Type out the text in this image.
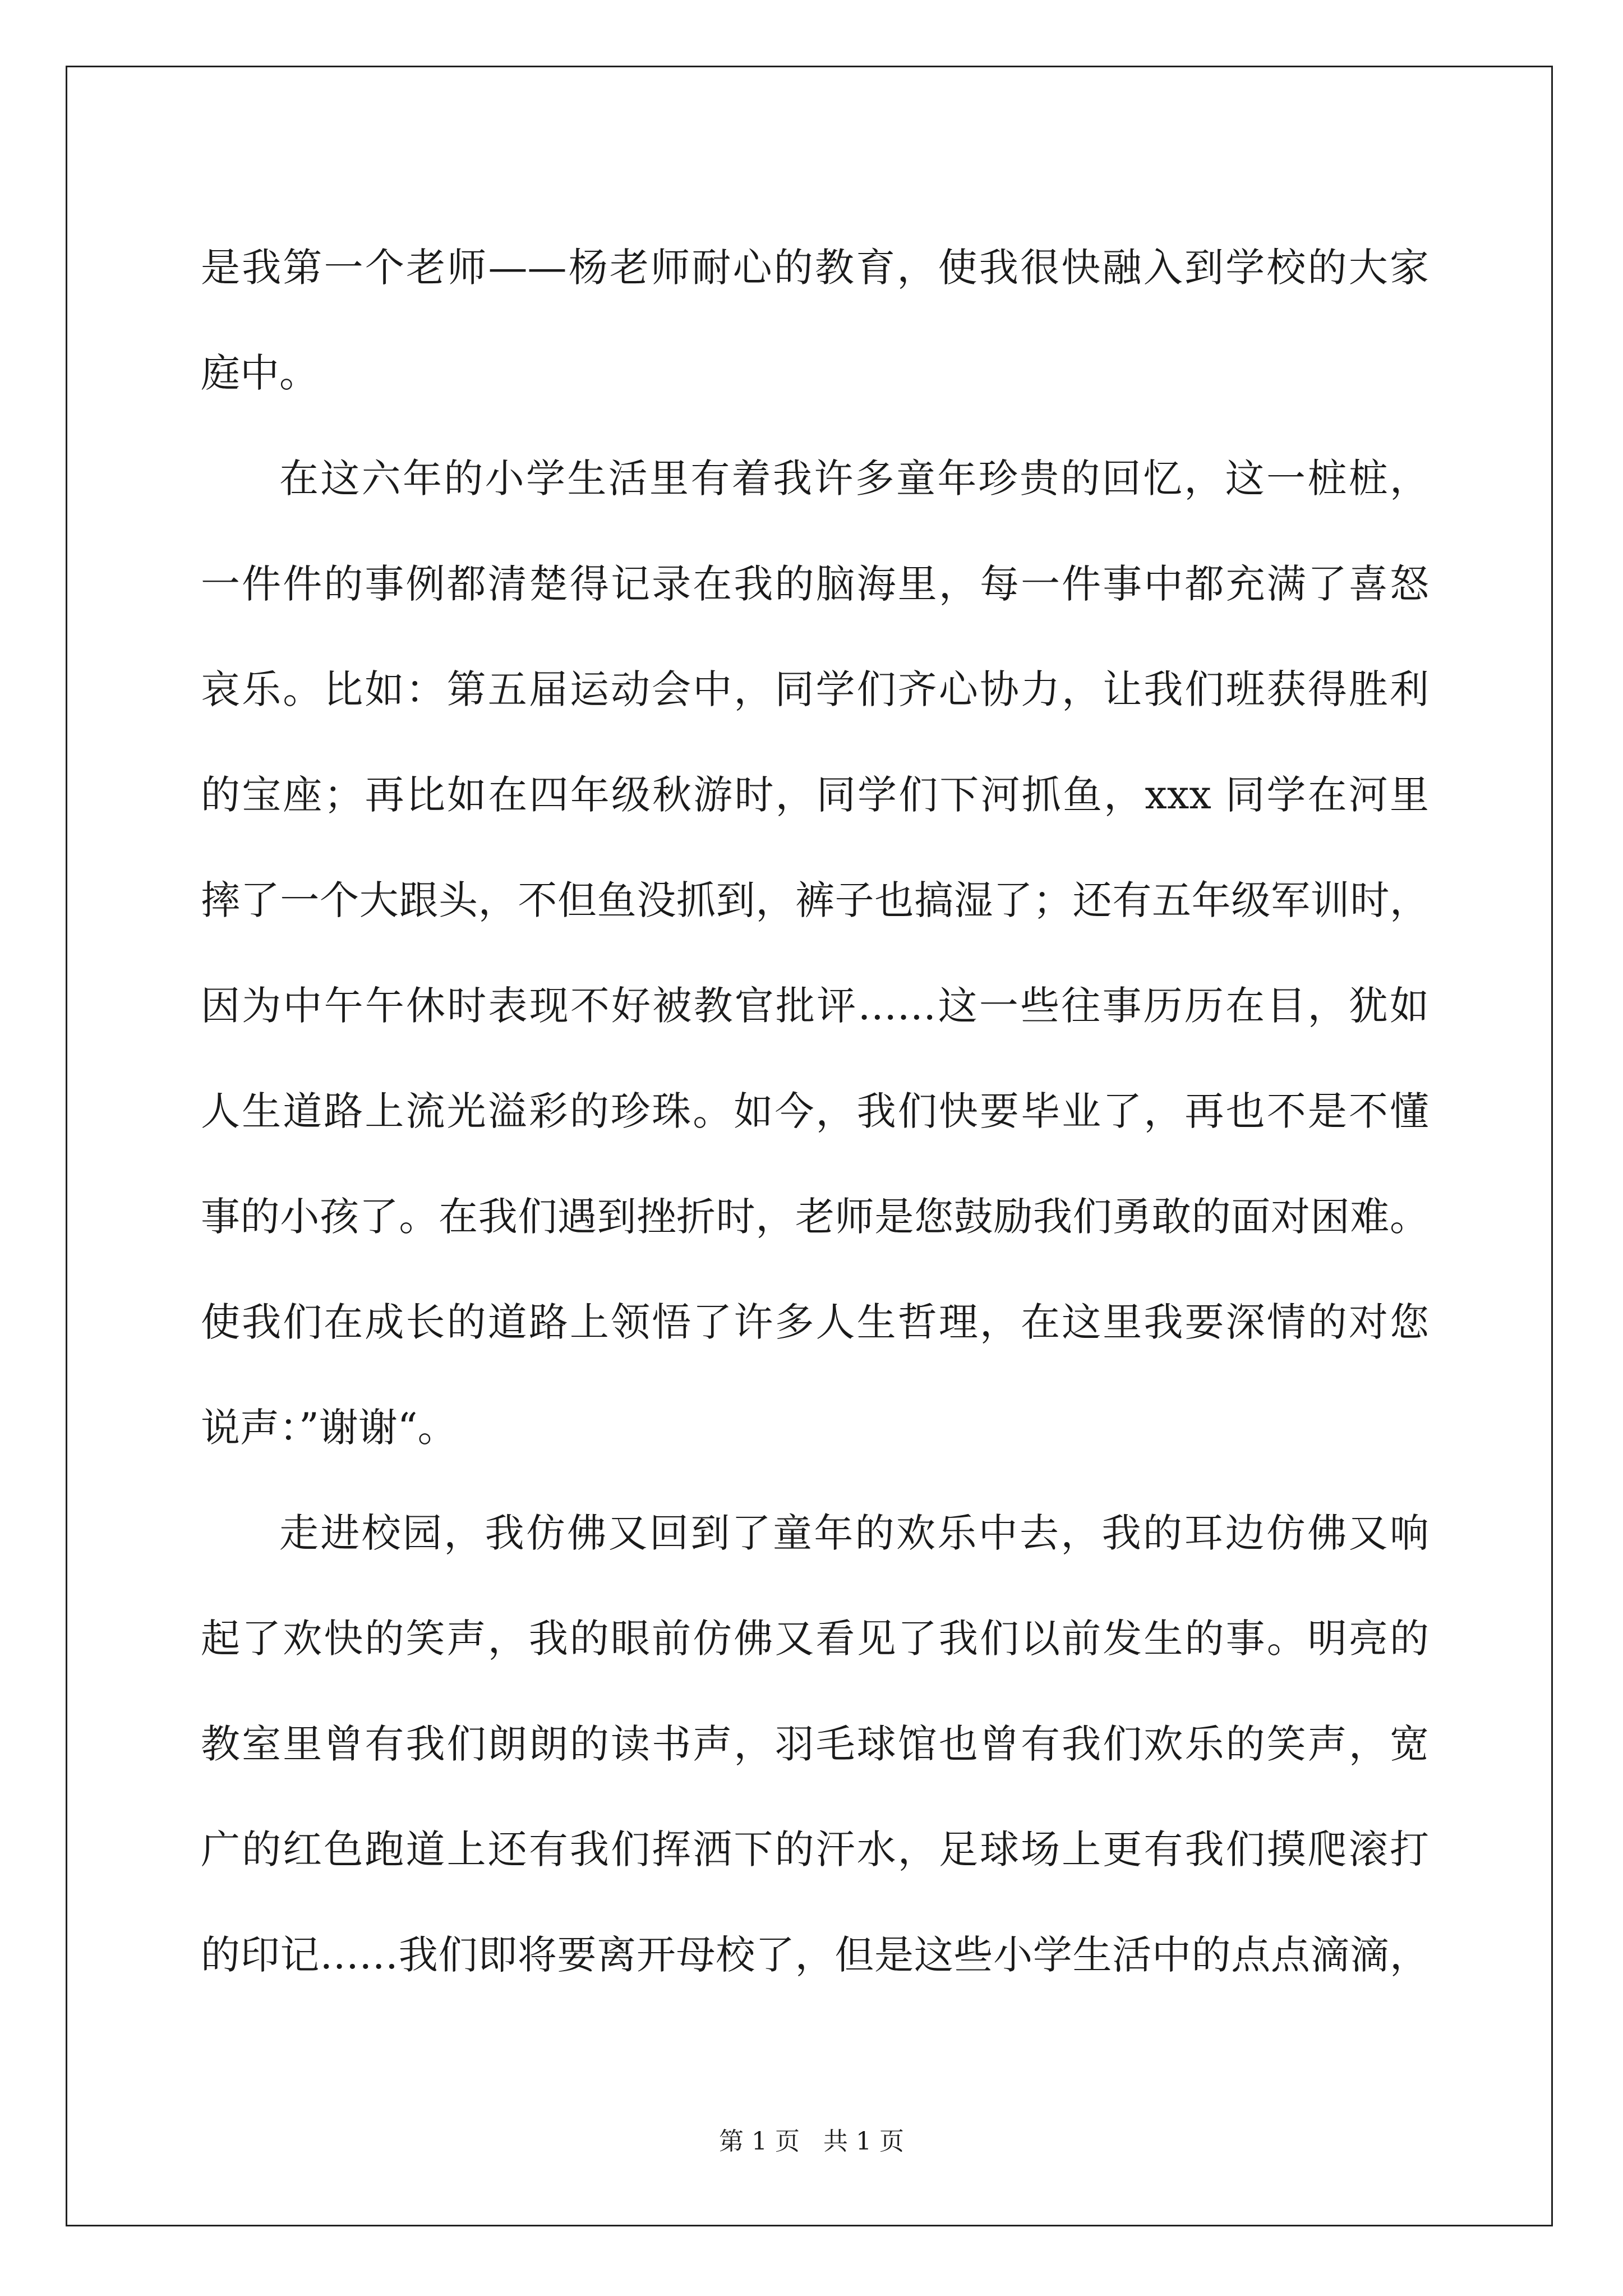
是我第一个老师——杨老师耐心的教育，使我很快融入到学校的大家
庭中。
在这六年的小学生活里有着我许多童年珍贵的回忆，这一桩桩，
一件件的事例都清楚得记录在我的脑海里，每一件事中都充满了喜怒
哀乐。比如：第五届运动会中，同学们齐心协力，让我们班获得胜利
的宝座；再比如在四年级秋游时，同学们下河抓鱼，xxx 同学在河里
摔了一个大跟头，不但鱼没抓到，裤子也搞湿了；还有五年级军训时，
因为中午午休时表现不好被教官批评……这一些往事历历在目，犹如
人生道路上流光溢彩的珍珠。如今，我们快要毕业了，再也不是不懂
事的小孩了。在我们遇到挫折时，老师是您鼓励我们勇敢的面对困难。
使我们在成长的道路上领悟了许多人生哲理，在这里我要深情的对您
说声：”谢谢“。
走进校园，我仿佛又回到了童年的欢乐中去，我的耳边仿佛又响
起了欢快的笑声，我的眼前仿佛又看见了我们以前发生的事。明亮的
教室里曾有我们朗朗的读书声，羽毛球馆也曾有我们欢乐的笑声，宽
广的红色跑道上还有我们挥洒下的汗水，足球场上更有我们摸爬滚打
的印记……我们即将要离开母校了，但是这些小学生活中的点点滴滴，
第 1 页 共 1 页
